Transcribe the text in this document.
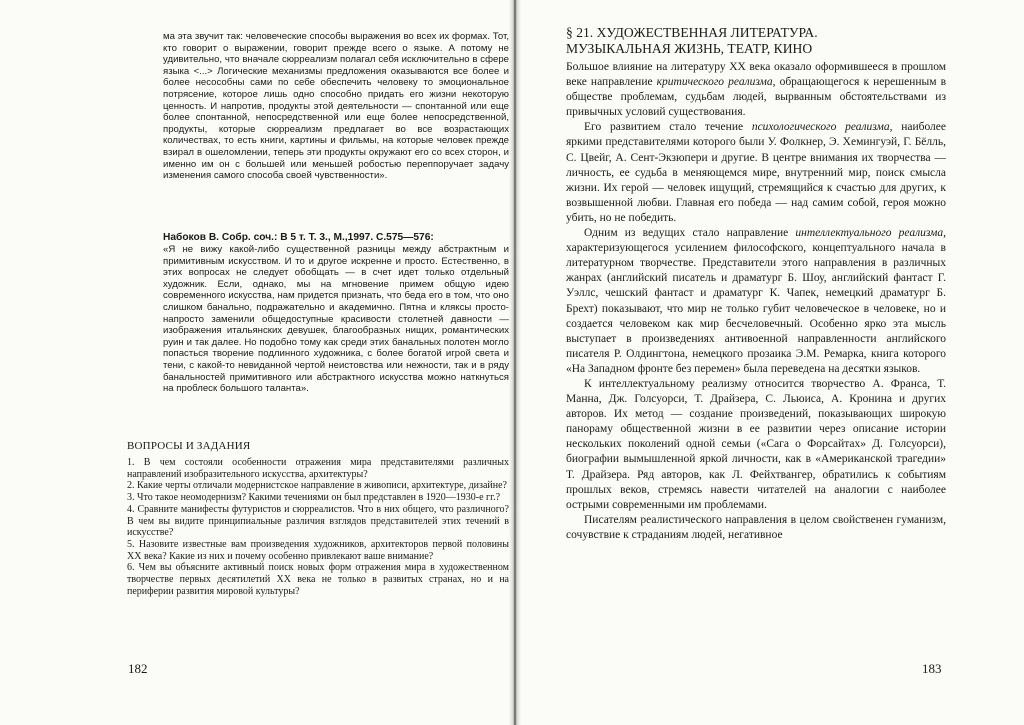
ма эта звучит так: человеческие способы выражения во всех их формах. Тот, кто говорит о выражении, говорит прежде всего о языке. А потому не удивительно, что вначале сюрреализм полагал себя исключительно в сфере языка <...> Логические механизмы предложения оказываются все более и более несособны сами по себе обеспечить человеку то эмоциональное потрясение, которое лишь одно способно придать его жизни некоторую ценность. И напротив, продукты этой деятельности — спонтанной или еще более спонтанной, непосредственной или еще более непосредственной, продукты, которые сюрреализм предлагает во все возрастающих количествах, то есть книги, картины и фильмы, на которые человек прежде взирал в ошеломлении, теперь эти продукты окружают его со всех сторон, и именно им он с большей или меньшей робостью переппоручает задачу изменения самого способа своей чувственности».

Набоков В. Собр. соч.: В 5 т. Т. 3., М.,1997. С.575—576:

«Я не вижу какой-либо существенной разницы между абстрактным и примитивным искусством. И то и другое искренне и просто. Естественно, в этих вопросах не следует обобщать — в счет идет только отдельный художник. Если, однако, мы на мгновение примем общую идею современного искусства, нам придется признать, что беда его в том, что оно слишком банально, подражательно и академично. Пятна и кляксы просто-напросто заменили общедоступные красивости столетней давности — изображения итальянских девушек, благообразных нищих, романтических руин и так далее. Но подобно тому как среди этих банальных полотен могло попасться творение подлинного художника, с более богатой игрой света и тени, с какой-то невиданной чертой неистовства или нежности, так и в ряду банальностей примитивного или абстрактного искусства можно наткнуться на проблеск большого таланта».

ВОПРОСЫ И ЗАДАНИЯ

1. В чем состояли особенности отражения мира представителями различных направлений изобразительного искусства, архитектуры?

2. Какие черты отличали модернистское направление в живописи, архитектуре, дизайне?

3. Что такое неомодернизм? Какими течениями он был представлен в 1920—1930-е гг.?

4. Сравните манифесты футуристов и сюрреалистов. Что в них общего, что различного? В чем вы видите принципиальные различия взглядов представителей этих течений в искусстве?

5. Назовите известные вам произведения художников, архитекторов первой половины XX века? Какие из них и почему особенно привлекают ваше внимание?

6. Чем вы объясните активный поиск новых форм отражения мира в художественном творчестве первых десятилетий XX века не только в развитых странах, но и на периферии развития мировой культуры?

182
§ 21. ХУДОЖЕСТВЕННАЯ ЛИТЕРАТУРА.
МУЗЫКАЛЬНАЯ ЖИЗНЬ, ТЕАТР, КИНО

Большое влияние на литературу XX века оказало оформившееся в прошлом веке направление критического реализма, обращающегося к нерешенным в обществе проблемам, судьбам людей, вырванным обстоятельствами из привычных условий существования.

Его развитием стало течение психологического реализма, наиболее яркими представителями которого были У. Фолкнер, Э. Хемингуэй, Г. Бёлль, С. Цвейг, А. Сент-Экзюпери и другие. В центре внимания их творчества — личность, ее судьба в меняющемся мире, внутренний мир, поиск смысла жизни. Их герой — человек ищущий, стремящийся к счастью для других, к возвышенной любви. Главная его победа — над самим собой, героя можно убить, но не победить.

Одним из ведущих стало направление интеллектуального реализма, характеризующегося усилением философского, концептуального начала в литературном творчестве. Представители этого направления в различных жанрах (английский писатель и драматург Б. Шоу, английский фантаст Г. Уэллс, чешский фантаст и драматург К. Чапек, немецкий драматург Б. Брехт) показывают, что мир не только губит человеческое в человеке, но и создается человеком как мир бесчеловечный. Особенно ярко эта мысль выступает в произведениях антивоенной направленности английского писателя Р. Олдингтона, немецкого прозаика Э.М. Ремарка, книга которого «На Западном фронте без перемен» была переведена на десятки языков.

К интеллектуальному реализму относится творчество А. Франса, Т. Манна, Дж. Голсуорси, Т. Драйзера, С. Льюиса, А. Кронина и других авторов. Их метод — создание произведений, показывающих широкую панораму общественной жизни в ее развитии через описание истории нескольких поколений одной семьи («Сага о Форсайтах» Д. Голсуорси), биографии вымышленной яркой личности, как в «Американской трагедии» Т. Драйзера. Ряд авторов, как Л. Фейхтвангер, обратились к событиям прошлых веков, стремясь навести читателей на аналогии с наиболее острыми современными им проблемами.

Писателям реалистического направления в целом свойственен гуманизм, сочувствие к страданиям людей, негативное

183
